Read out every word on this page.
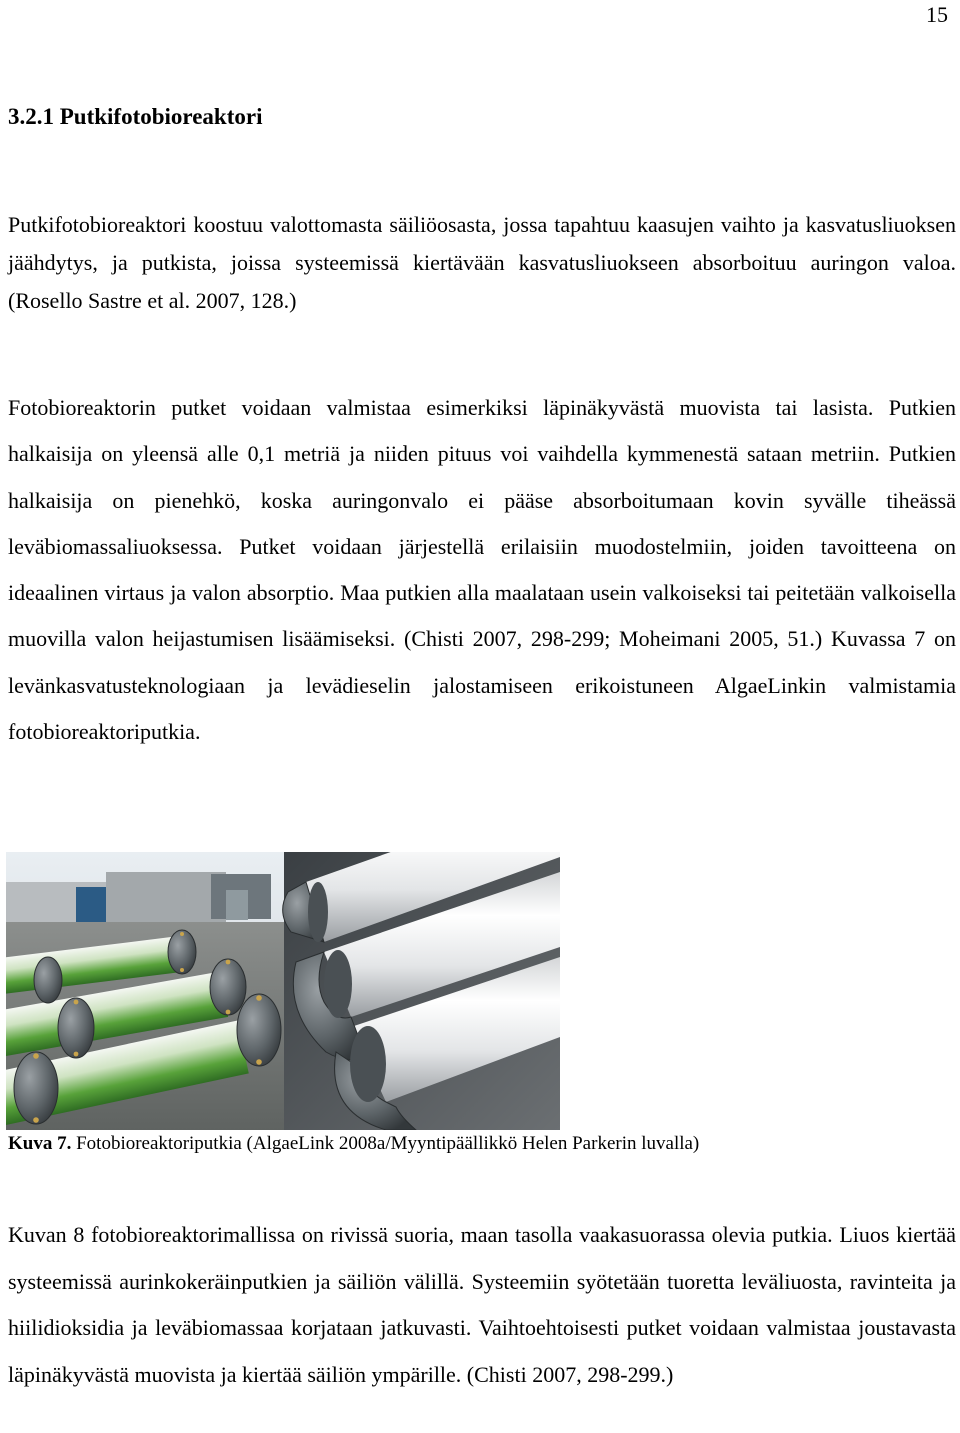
15
3.2.1 Putkifotobioreaktori

Putkifotobioreaktori koostuu valottomasta säiliöosasta, jossa tapahtuu kaasujen vaihto ja kasvatusliuoksen jäähdytys, ja putkista, joissa systeemissä kiertävään kasvatusliuokseen absorboituu auringon valoa. (Rosello Sastre et al. 2007, 128.)

Fotobioreaktorin putket voidaan valmistaa esimerkiksi läpinäkyvästä muovista tai lasista. Putkien halkaisija on yleensä alle 0,1 metriä ja niiden pituus voi vaihdella kymmenestä sataan metriin. Putkien halkaisija on pienehkö, koska auringonvalo ei pääse absorboitumaan kovin syvälle tiheässä leväbiomassaliuoksessa. Putket voidaan järjestellä erilaisiin muodostelmiin, joiden tavoitteena on ideaalinen virtaus ja valon absorptio. Maa putkien alla maalataan usein valkoiseksi tai peitetään valkoisella muovilla valon heijastumisen lisäämiseksi. (Chisti 2007, 298-299; Moheimani 2005, 51.) Kuvassa 7 on levänkasvatusteknologiaan ja levädieselin jalostamiseen erikoistuneen AlgaeLinkin valmistamia fotobioreaktoriputkia.

Kuva 7. Fotobioreaktoriputkia (AlgaeLink 2008a/Myyntipäällikkö Helen Parkerin luvalla)

Kuvan 8 fotobioreaktorimallissa on rivissä suoria, maan tasolla vaakasuorassa olevia putkia. Liuos kiertää systeemissä aurinkokeräinputkien ja säiliön välillä. Systeemiin syötetään tuoretta leväliuosta, ravinteita ja hiilidioksidia ja leväbiomassaa korjataan jatkuvasti. Vaihtoehtoisesti putket voidaan valmistaa joustavasta läpinäkyvästä muovista ja kiertää säiliön ympärille. (Chisti 2007, 298-299.)
